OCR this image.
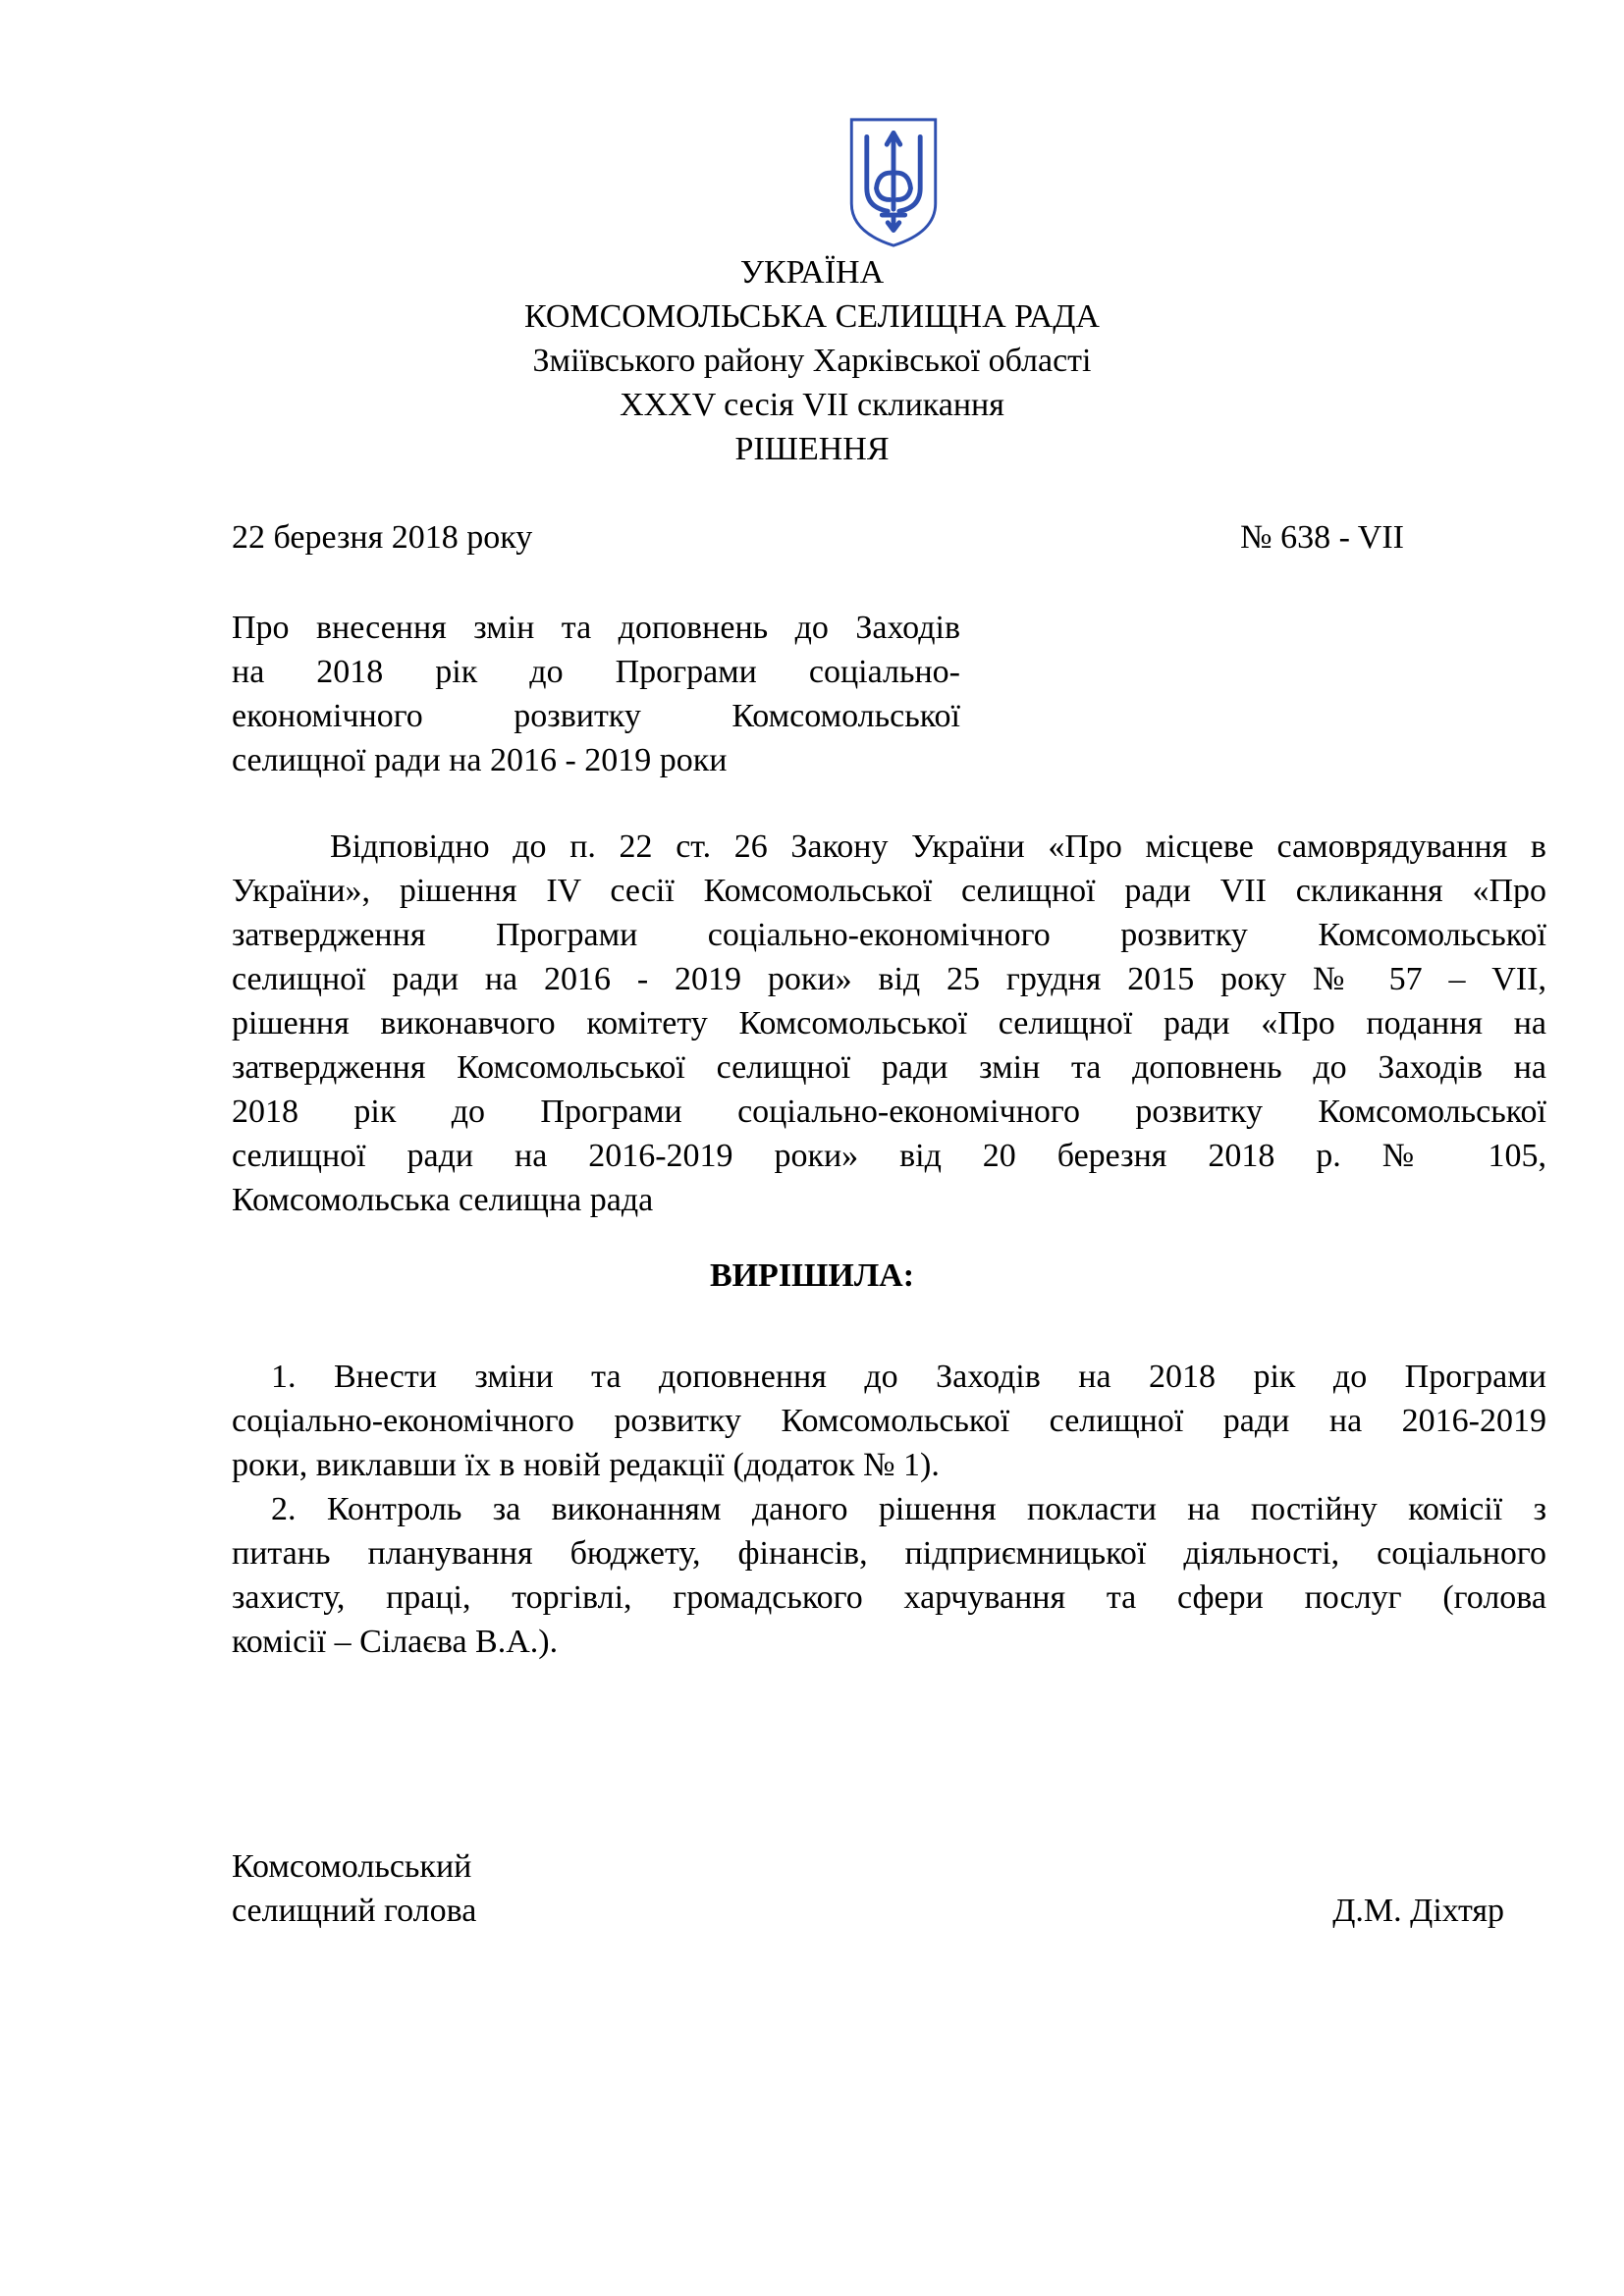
УКРАЇНА
КОМСОМОЛЬСЬКА СЕЛИЩНА РАДА
Зміївського району Харківської області
XXXV сесія VII скликання
РІШЕННЯ
22 березня 2018 року	№ 638 - VII
Про внесення змін та доповнень до Заходів
на 2018 рік до Програми соціально-
економічного розвитку Комсомольської
селищної ради на 2016 - 2019 роки
Відповідно до п. 22 ст. 26 Закону України «Про місцеве самоврядування в
України», рішення IV сесії Комсомольської селищної ради VII скликання «Про
затвердження Програми соціально-економічного розвитку Комсомольської
селищної ради на 2016 - 2019 роки» від 25 грудня 2015 року № 57 – VII,
рішення виконавчого комітету Комсомольської селищної ради «Про подання на
затвердження Комсомольської селищної ради змін та доповнень до Заходів на
2018 рік до Програми соціально-економічного розвитку Комсомольської
селищної ради на 2016-2019 роки» від 20 березня 2018 р. № 105,
Комсомольська селищна рада
ВИРІШИЛА:
1. Внести зміни та доповнення до Заходів на 2018 рік до Програми
соціально-економічного розвитку Комсомольської селищної ради на 2016-2019
роки, виклавши їх в новій редакції (додаток № 1).
2. Контроль за виконанням даного рішення покласти на постійну комісії з
питань планування бюджету, фінансів, підприємницької діяльності, соціального
захисту, праці, торгівлі, громадського харчування та сфери послуг (голова
комісії – Сілаєва В.А.).
Комсомольський
селищний голова	Д.М. Діхтяр
